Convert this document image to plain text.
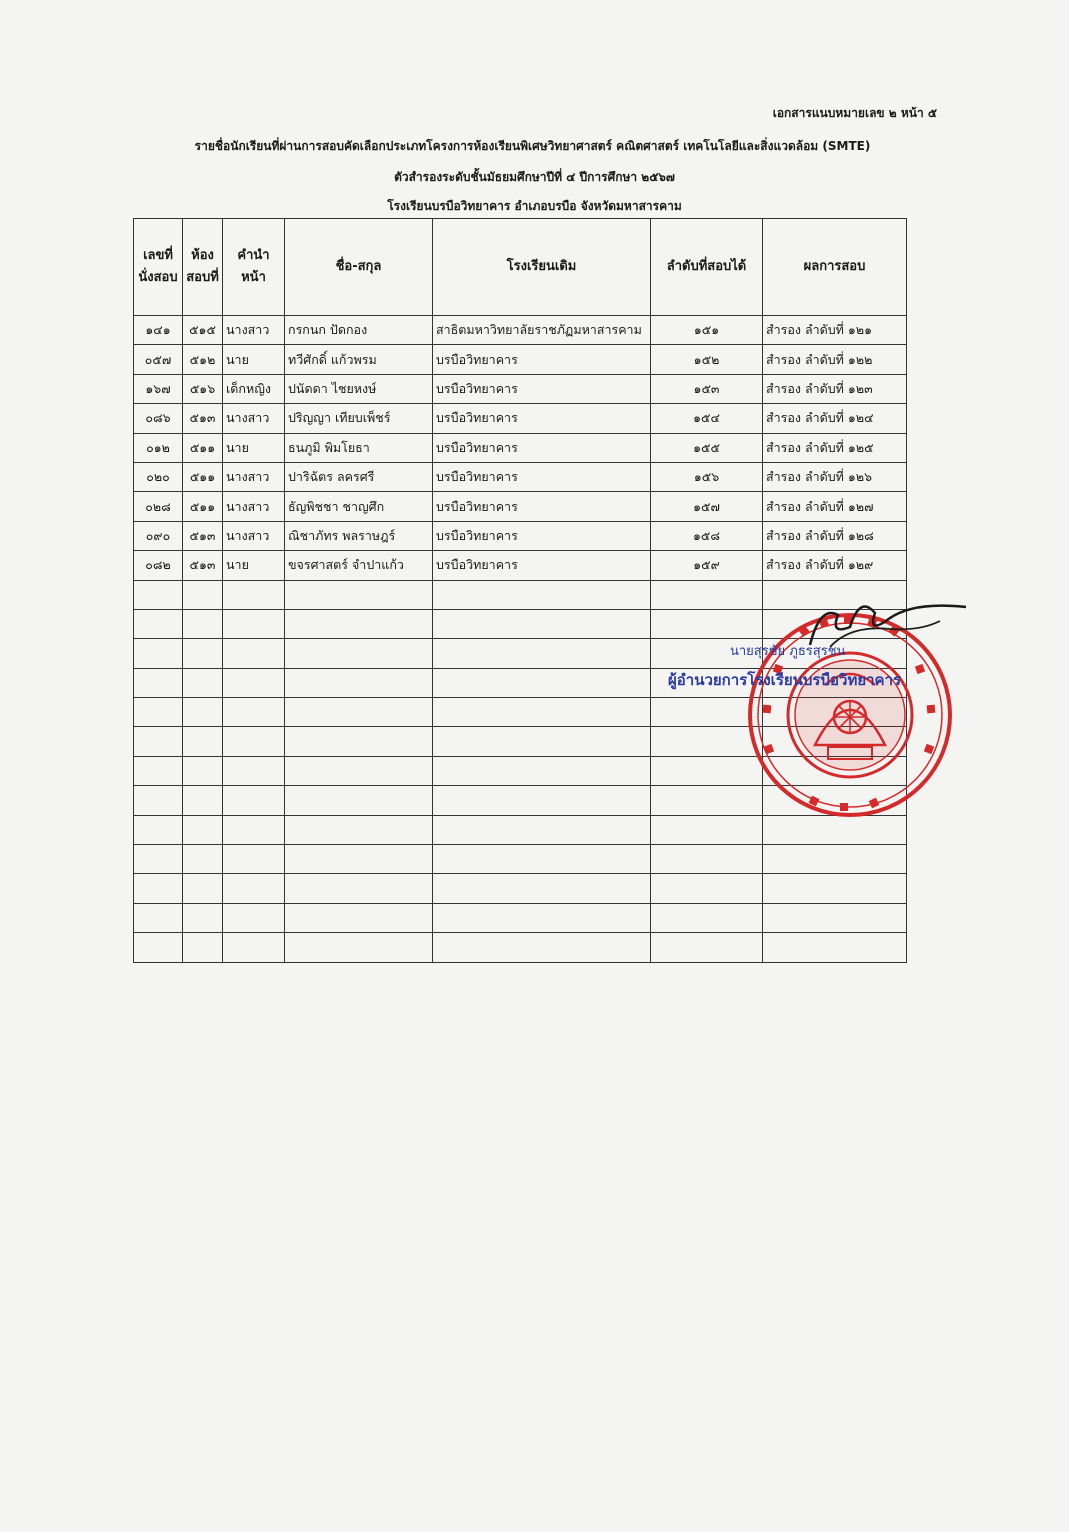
เอกสารแนบหมายเลข ๒ หน้า ๕
รายชื่อนักเรียนที่ผ่านการสอบคัดเลือกประเภทโครงการห้องเรียนพิเศษวิทยาศาสตร์ คณิตศาสตร์ เทคโนโลยีและสิ่งแวดล้อม (SMTE)
ตัวสำรองระดับชั้นมัธยมศึกษาปีที่ ๔ ปีการศึกษา ๒๕๖๗
โรงเรียนบรบือวิทยาคาร อำเภอบรบือ จังหวัดมหาสารคาม
เลขที่นั่งสอบ	ห้องสอบที่	คำนำหน้า	ชื่อ-สกุล	โรงเรียนเดิม	ลำดับที่สอบได้	ผลการสอบ
๑๔๑	๕๑๕	นางสาว	กรกนก ปัดกอง	สาธิตมหาวิทยาลัยราชภัฏมหาสารคาม	๑๕๑	สำรอง ลำดับที่ ๑๒๑
๐๕๗	๕๑๒	นาย	ทวีศักดิ์ แก้วพรม	บรบือวิทยาคาร	๑๕๒	สำรอง ลำดับที่ ๑๒๒
๑๖๗	๕๑๖	เด็กหญิง	ปนัดดา ไชยหงษ์	บรบือวิทยาคาร	๑๕๓	สำรอง ลำดับที่ ๑๒๓
๐๘๖	๕๑๓	นางสาว	ปริญญา เทียบเพ็ชร์	บรบือวิทยาคาร	๑๕๔	สำรอง ลำดับที่ ๑๒๔
๐๑๒	๕๑๑	นาย	ธนภูมิ พิมโยธา	บรบือวิทยาคาร	๑๕๕	สำรอง ลำดับที่ ๑๒๕
๐๒๐	๕๑๑	นางสาว	ปาริฉัตร ลครศรี	บรบือวิทยาคาร	๑๕๖	สำรอง ลำดับที่ ๑๒๖
๐๒๘	๕๑๑	นางสาว	ธัญพิชชา ชาญศึก	บรบือวิทยาคาร	๑๕๗	สำรอง ลำดับที่ ๑๒๗
๐๙๐	๕๑๓	นางสาว	ณิชาภัทร พลราษฎร์	บรบือวิทยาคาร	๑๕๘	สำรอง ลำดับที่ ๑๒๘
๐๘๒	๕๑๓	นาย	ขจรศาสตร์ จำปาแก้ว	บรบือวิทยาคาร	๑๕๙	สำรอง ลำดับที่ ๑๒๙

นายสุรชัย ภูธรสุรชน
ผู้อำนวยการโรงเรียนบรบือวิทยาคาร
